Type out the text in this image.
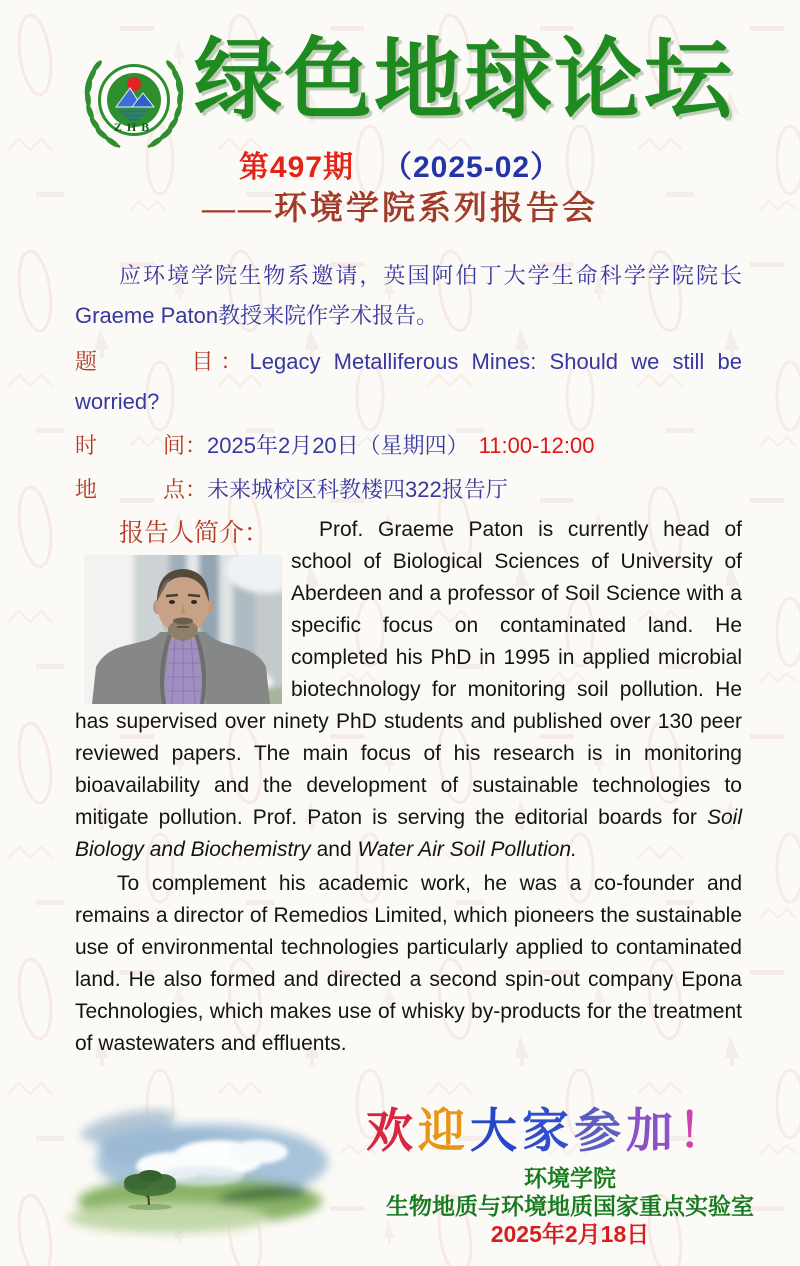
ZHB 绿色地球论坛
第497期 （2025-02）
——环境学院系列报告会

应环境学院生物系邀请，英国阿伯丁大学生命科学学院院长Graeme Paton教授来院作学术报告。

题　　　目：Legacy Metalliferous Mines: Should we still be worried?

时　　　间：2025年2月20日（星期四） 11:00-12:00

地　　　点：未来城校区科教楼四322报告厅

报告人简介：	Prof. Graeme Paton is currently head of school of Biological Sciences of University of Aberdeen and a professor of Soil Science with a specific focus on contaminated land. He completed his PhD in 1995 in applied microbial biotechnology for monitoring soil pollution. He has supervised over ninety PhD students and published over 130 peer reviewed papers. The main focus of his research is in monitoring bioavailability and the development of sustainable technologies to mitigate pollution. Prof. Paton is serving the editorial boards for Soil Biology and Biochemistry and Water Air Soil Pollution.

To complement his academic work, he was a co-founder and remains a director of Remedios Limited, which pioneers the sustainable use of environmental technologies particularly applied to contaminated land. He also formed and directed a second spin-out company Epona Technologies, which makes use of whisky by-products for the treatment of wastewaters and effluents.

欢迎大家参加！
环境学院
生物地质与环境地质国家重点实验室
2025年2月18日
